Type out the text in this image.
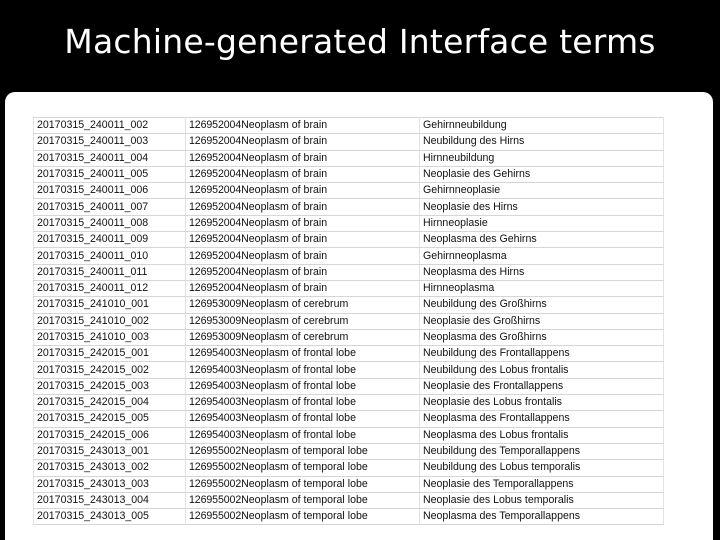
Machine-generated Interface terms
20170315_240011_002	126952004Neoplasm of brain	Gehirnneubildung
20170315_240011_003	126952004Neoplasm of brain	Neubildung des Hirns
20170315_240011_004	126952004Neoplasm of brain	Hirnneubildung
20170315_240011_005	126952004Neoplasm of brain	Neoplasie des Gehirns
20170315_240011_006	126952004Neoplasm of brain	Gehirnneoplasie
20170315_240011_007	126952004Neoplasm of brain	Neoplasie des Hirns
20170315_240011_008	126952004Neoplasm of brain	Hirnneoplasie
20170315_240011_009	126952004Neoplasm of brain	Neoplasma des Gehirns
20170315_240011_010	126952004Neoplasm of brain	Gehirnneoplasma
20170315_240011_011	126952004Neoplasm of brain	Neoplasma des Hirns
20170315_240011_012	126952004Neoplasm of brain	Hirnneoplasma
20170315_241010_001	126953009Neoplasm of cerebrum	Neubildung des Großhirns
20170315_241010_002	126953009Neoplasm of cerebrum	Neoplasie des Großhirns
20170315_241010_003	126953009Neoplasm of cerebrum	Neoplasma des Großhirns
20170315_242015_001	126954003Neoplasm of frontal lobe	Neubildung des Frontallappens
20170315_242015_002	126954003Neoplasm of frontal lobe	Neubildung des Lobus frontalis
20170315_242015_003	126954003Neoplasm of frontal lobe	Neoplasie des Frontallappens
20170315_242015_004	126954003Neoplasm of frontal lobe	Neoplasie des Lobus frontalis
20170315_242015_005	126954003Neoplasm of frontal lobe	Neoplasma des Frontallappens
20170315_242015_006	126954003Neoplasm of frontal lobe	Neoplasma des Lobus frontalis
20170315_243013_001	126955002Neoplasm of temporal lobe	Neubildung des Temporallappens
20170315_243013_002	126955002Neoplasm of temporal lobe	Neubildung des Lobus temporalis
20170315_243013_003	126955002Neoplasm of temporal lobe	Neoplasie des Temporallappens
20170315_243013_004	126955002Neoplasm of temporal lobe	Neoplasie des Lobus temporalis
20170315_243013_005	126955002Neoplasm of temporal lobe	Neoplasma des Temporallappens
